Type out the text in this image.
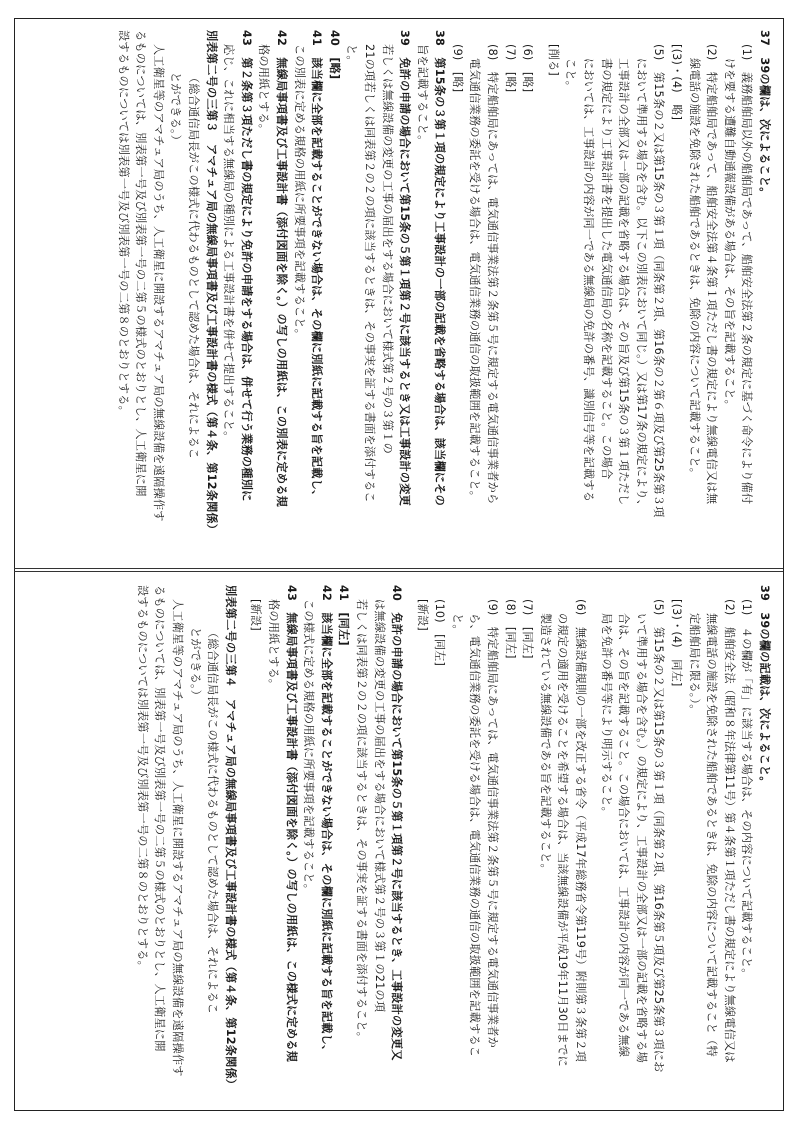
37　39の欄は、次によること。
(1)　義務船舶局以外の船舶局であって、船舶安全法第２条の規定に基づく命令により備付
けを要する遭難自動通報設備がある場合は、その旨を記載すること。
(2)　特定船舶局であって、船舶安全法第４条第１項ただし書の規定により無線電信又は無
線電話の施設を免除された船舶であるときは、免除の内容について記載すること。
[(3)・(4)　略]
(5)　第15条の２又は第15条の３第１項（同条第２項、第16条の２第６項及び第25条第３項
において準用する場合を含む。以下この別表において同じ。）又は第17条の規定により、
工事設計の全部又は一部の記載を省略する場合は、その旨及び第15条の３第１項ただし
書の規定により工事設計書を提出した電気通信局の名称を記載すること。この場合
においては、工事設計の内容が同一である無線局の免許の番号、識別信号等を記載する
こと。
[削る]
(6)　[略]
(7)　[略]
(8)　特定船舶局にあっては、電気通信事業法第２条第５号に規定する電気通信事業者から
電気通信業務の委託を受ける場合は、電気通信業務の通信の取扱範囲を記載すること。
(9)　[略]
38　第15条の３第１項の規定により工事設計の一部の記載を省略する場合は、該当欄にその
旨を記載すること。
39　免許の申請の場合において第15条の５第１項第２号に該当するとき又は工事設計の変更
若しくは無線設備の変更の工事の届出をする場合において様式第２号の３第１の
21の項若しくは同表第２の２の項に該当するときは、その事実を証する書面を添付するこ
と。
40　[略]
41　該当欄に全部を記載することができない場合は、その欄に別紙に記載する旨を記載し、
この別表に定める規格の用紙に所要事項を記載すること。
42　無線局事項書及び工事設計書（添付図面を除く。）の写しの用紙は、この別表に定める規
格の用紙とする。
43　第２条第３項ただし書の規定により免許の申請をする場合は、併せて行う業務の種別に
応じ、これに相当する無線局の種別による工事設計書を併せて提出すること。
別表第二号の三第３　アマチュア局の無線局事項書及び工事設計書の様式（第４条、第12条関係）
（総合通信局長がこの様式に代わるものとして認めた場合は、それによるこ
とができる。）
人工衛星等のアマチュア局のうち、人工衛星に開設するアマチュア局の無線設備を遠隔操作す
るものについては、別表第一号及び別表第一号の二第５の様式のとおりとし、人工衛星に開
設するものについては別表第一号及び別表第一号の二第８のとおりとする。
39　39の欄の記載は、次によること。
(1)　４の欄が「有」に該当する場合は、その内容について記載すること。
(2)　船舶安全法（昭和８年法律第11号）第４条第１項ただし書の規定により無線電信又は
無線電話の施設を免除された船舶であるときは、免除の内容について記載すること（特
定船舶局に限る。）。
[(3)・(4)　同左]
(5)　第15条の２又は第15条の３第１項（同条第２項、第16条第５項及び第25条第３項にお
いて準用する場合を含む。）の規定により、工事設計の全部又は一部の記載を省略する場
合は、その旨を記載すること。この場合においては、工事設計の内容が同一である無線
局を免許の番号等により明示すること。
(6)　無線設備規則の一部を改正する省令（平成17年総務省令第119号）附則第３条第２項
の規定の適用を受けることを希望する場合は、当該無線設備が平成19年11月30日までに
製造されている無線設備である旨を記載すること。
(7)　[同左]
(8)　[同左]
(9)　特定船舶局にあっては、電気通信事業法第２条第５号に規定する電気通信事業者か
ら、電気通信業務の委託を受ける場合は、電気通信業務の通信の取扱範囲を記載するこ
と。
(10)　[同左]
[新設]
40　免許の申請の場合において第15条の５第１項第２号に該当するとき、工事設計の変更又
は無線設備の変更の工事の届出をする場合において様式第２号の３第１の21の項
若しくは同表第２の２の項に該当するときは、その事実を証する書面を添付すること。
41　[同左]
42　該当欄に全部を記載することができない場合は、その欄に別紙に記載する旨を記載し、
この様式に定める規格の用紙に所要事項を記載すること。
43　無線局事項書及び工事設計書（添付図面を除く。）の写しの用紙は、この様式に定める規
格の用紙とする。
[新設]
別表第二号の三第４　アマチュア局の無線局事項書及び工事設計書の様式（第４条、第12条関係）
（総合通信局長がこの様式に代わるものとして認めた場合は、それによるこ
とができる。）
人工衛星等のアマチュア局のうち、人工衛星に開設するアマチュア局の無線設備を遠隔操作す
るものについては、別表第一号及び別表第一号の二第５の様式のとおりとし、人工衛星に開
設するものについては別表第一号及び別表第一号の二第８のとおりとする。
